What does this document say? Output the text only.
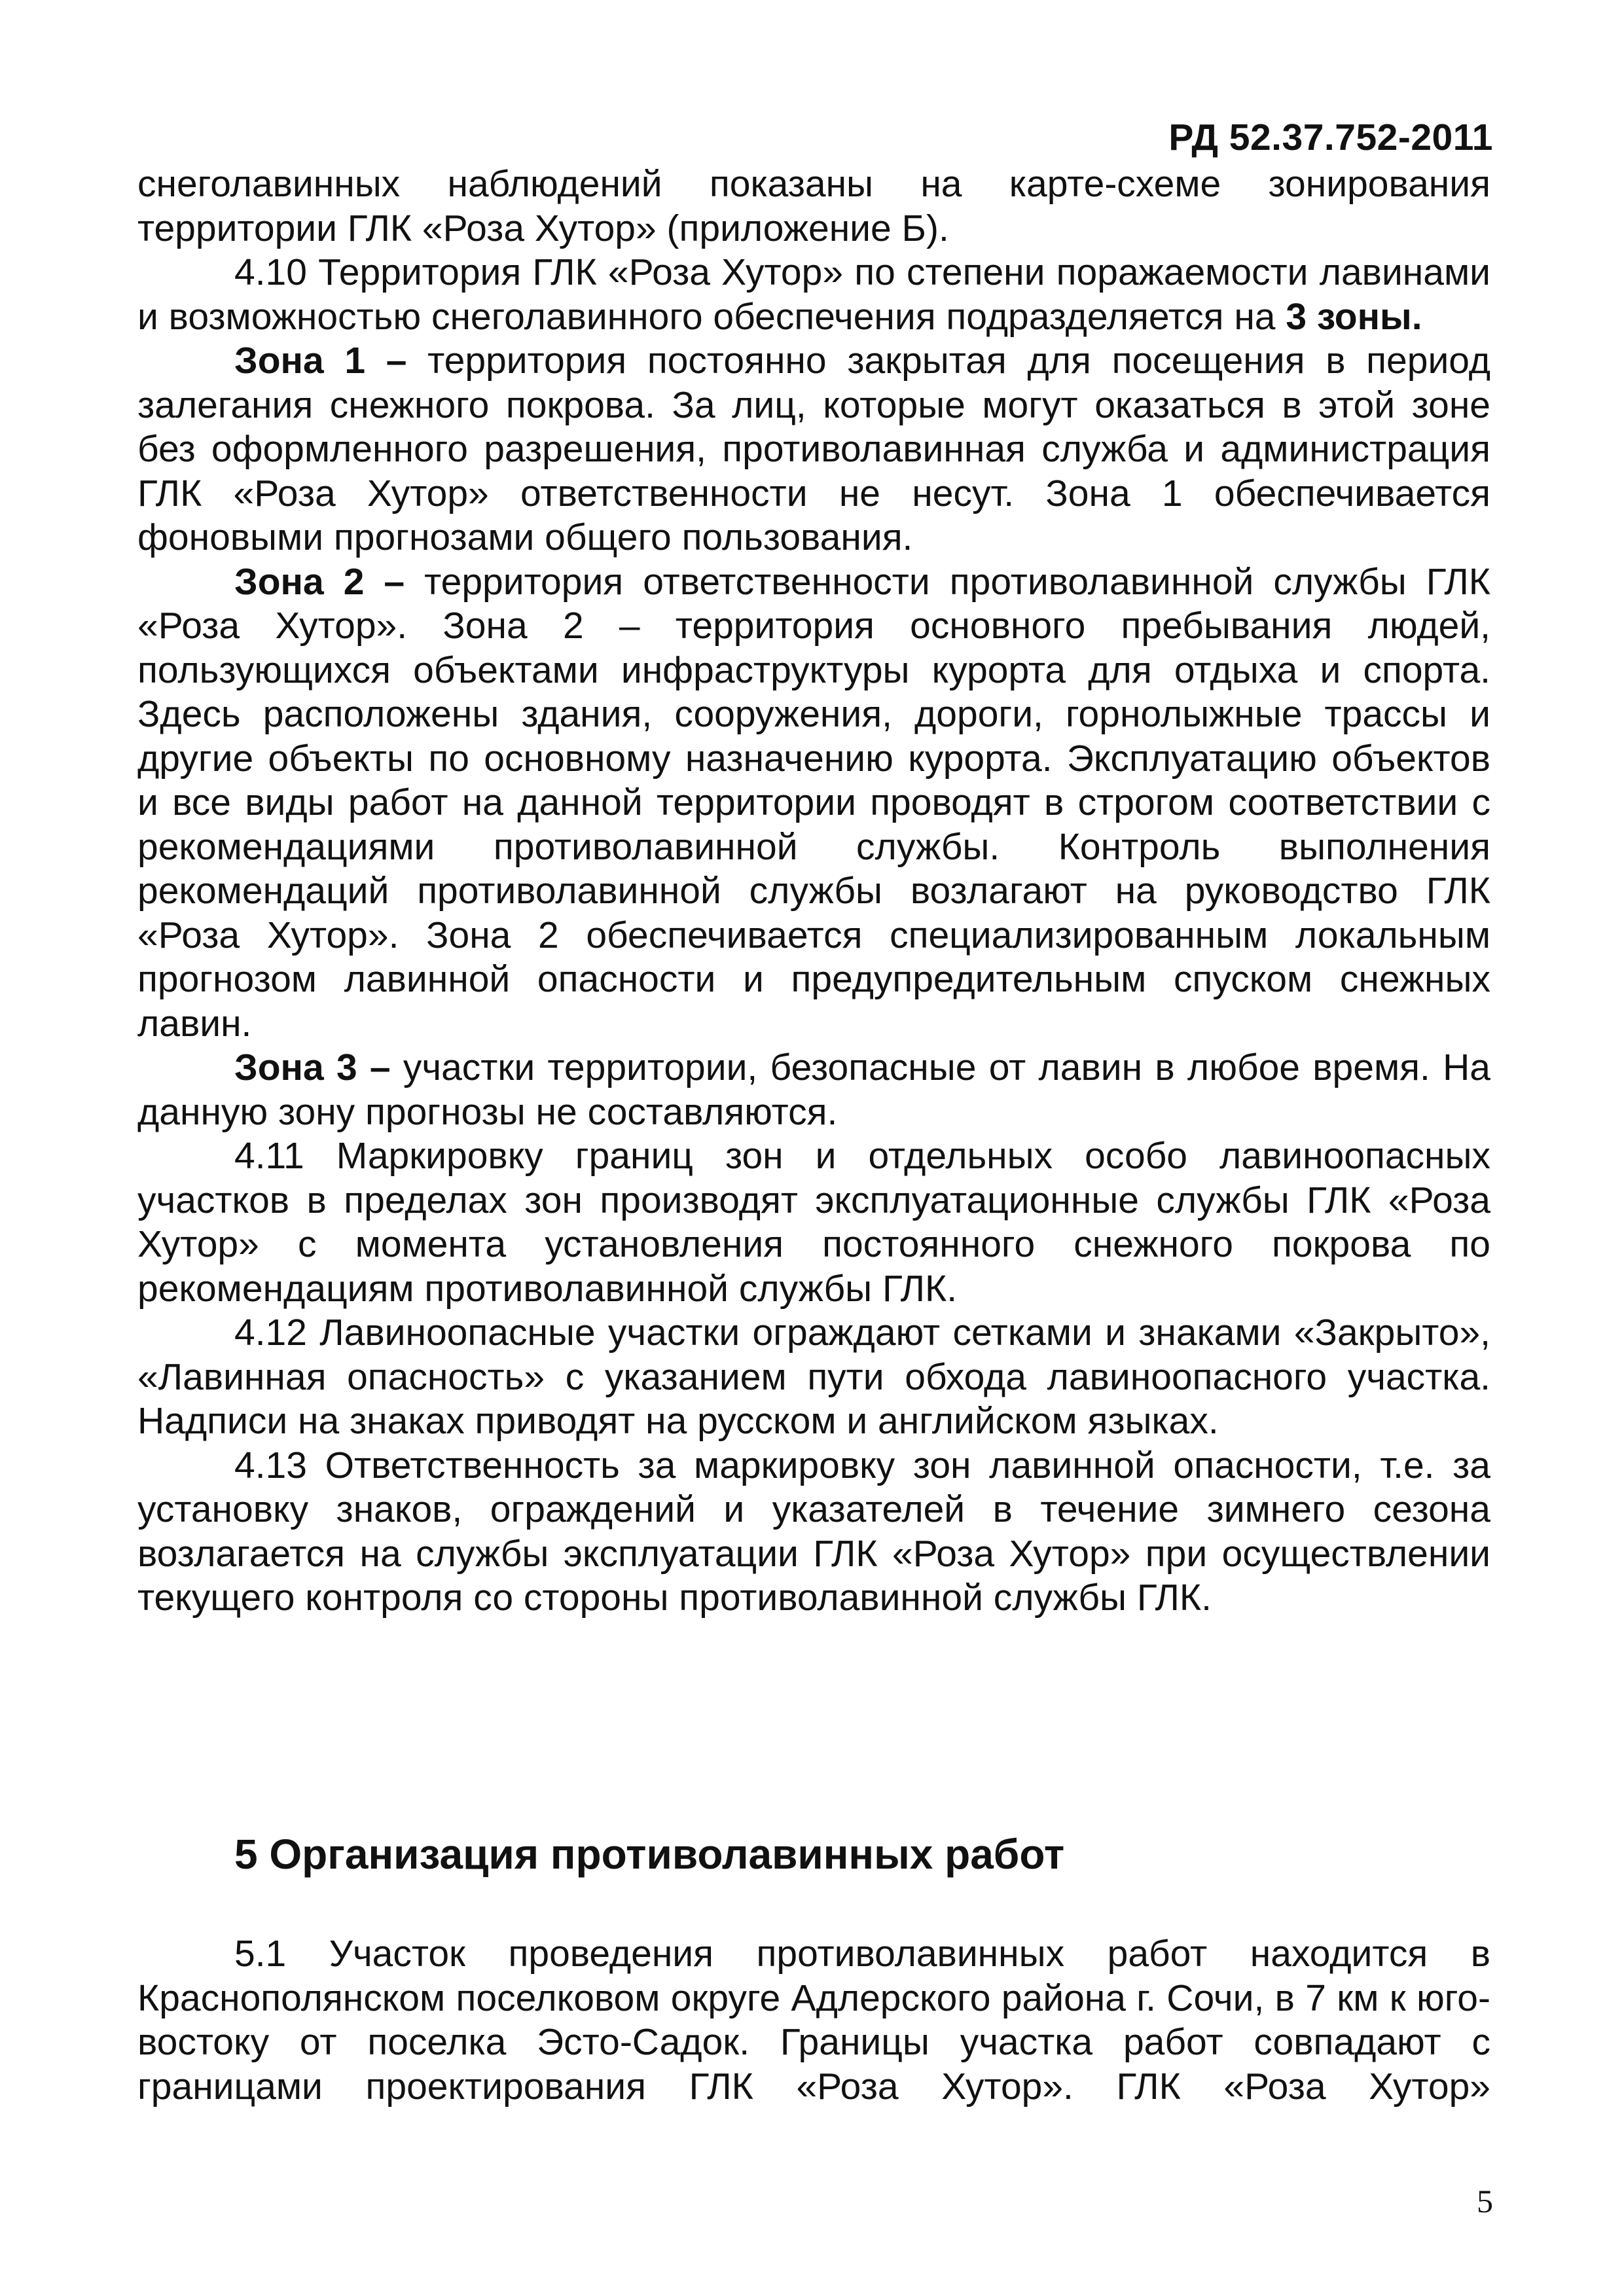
РД 52.37.752-2011

снеголавинных наблюдений показаны на карте-схеме зонирования территории ГЛК «Роза Хутор» (приложение Б).

4.10 Территория ГЛК «Роза Хутор» по степени поражаемости лавинами и возможностью снеголавинного обеспечения подразделяется на 3 зоны.

Зона 1 – территория постоянно закрытая для посещения в период залегания снежного покрова. За лиц, которые могут оказаться в этой зоне без оформленного разрешения, противолавинная служба и администрация ГЛК «Роза Хутор» ответственности не несут. Зона 1 обеспечивается фоновыми прогнозами общего пользования.

Зона 2 – территория ответственности противолавинной службы ГЛК «Роза Хутор». Зона 2 – территория основного пребывания людей, пользующихся объектами инфраструктуры курорта для отдыха и спорта. Здесь расположены здания, сооружения, дороги, горнолыжные трассы и другие объекты по основному назначению курорта. Эксплуатацию объектов и все виды работ на данной территории проводят в строгом соответствии с рекомендациями противолавинной службы. Контроль выполнения рекомендаций противолавинной службы возлагают на руководство ГЛК «Роза Хутор». Зона 2 обеспечивается специализированным локальным прогнозом лавинной опасности и предупредительным спуском снежных лавин.

Зона 3 – участки территории, безопасные от лавин в любое время. На данную зону прогнозы не составляются.

4.11 Маркировку границ зон и отдельных особо лавиноопасных участков в пределах зон производят эксплуатационные службы ГЛК «Роза Хутор» с момента установления постоянного снежного покрова по рекомендациям противолавинной службы ГЛК.

4.12 Лавиноопасные участки ограждают сетками и знаками «Закрыто», «Лавинная опасность» с указанием пути обхода лавиноопасного участка. Надписи на знаках приводят на русском и английском языках.

4.13 Ответственность за маркировку зон лавинной опасности, т.е. за установку знаков, ограждений и указателей в течение зимнего сезона возлагается на службы эксплуатации ГЛК «Роза Хутор» при осуществлении текущего контроля со стороны противолавинной службы ГЛК.

5 Организация противолавинных работ

5.1 Участок проведения противолавинных работ находится в Краснополянском поселковом округе Адлерского района г. Сочи, в 7 км к юго-востоку от поселка Эсто-Садок. Границы участка работ совпадают с границами проектирования ГЛК «Роза Хутор». ГЛК «Роза Хутор»

5
